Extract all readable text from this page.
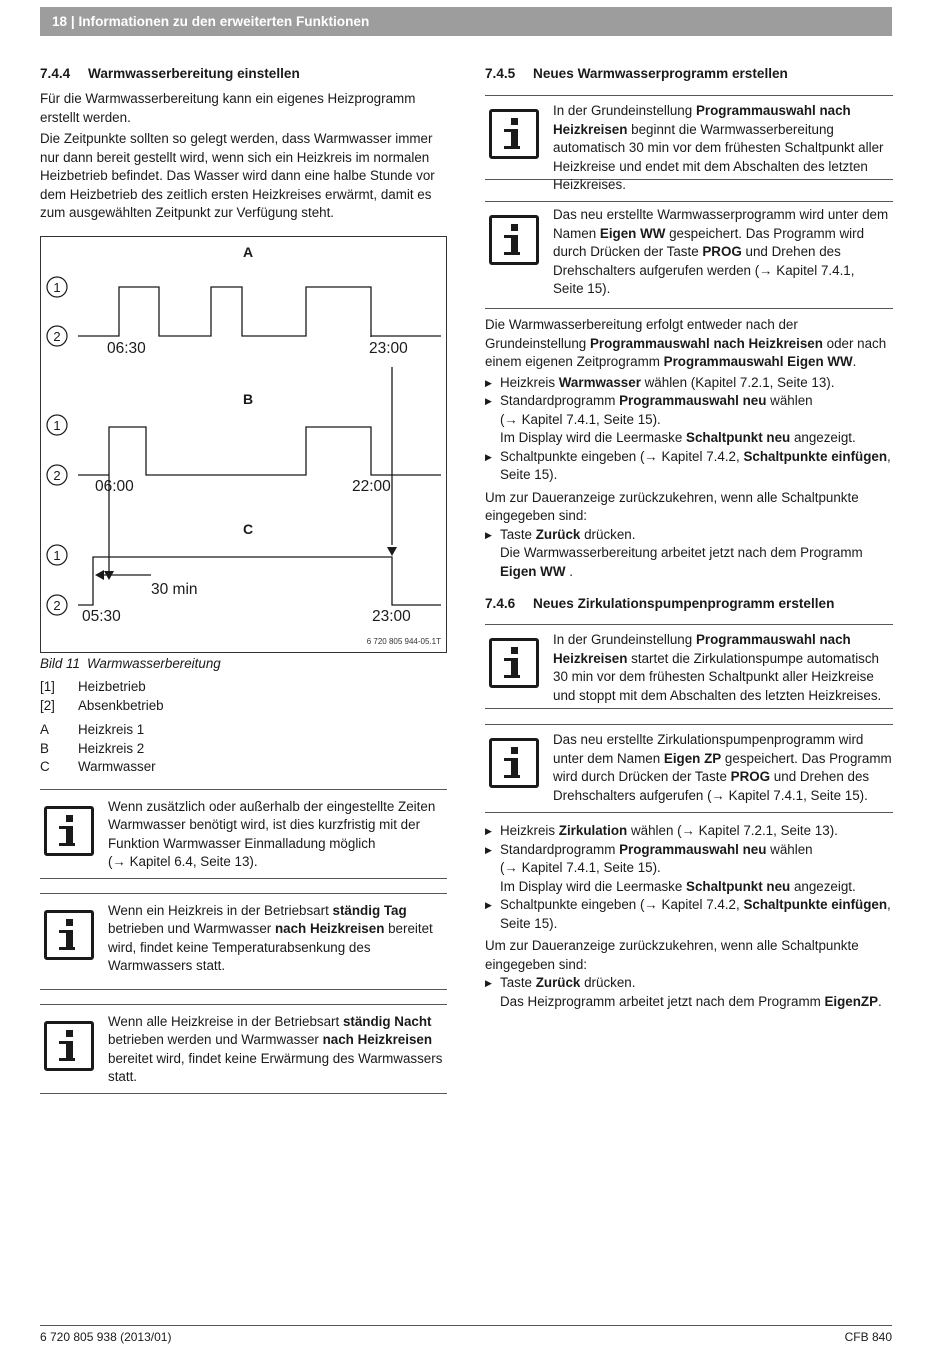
18 | Informationen zu den erweiterten Funktionen
7.4.4 Warmwasserbereitung einstellen

Für die Warmwasserbereitung kann ein eigenes Heizprogramm erstellt werden.

Die Zeitpunkte sollten so gelegt werden, dass Warmwasser immer nur dann bereit gestellt wird, wenn sich ein Heizkreis im normalen Heizbetrieb befindet. Das Wasser wird dann eine halbe Stunde vor dem Heizbetrieb des zeitlich ersten Heizkreises erwärmt, damit es zum ausgewählten Zeitpunkt zur Verfügung steht.

1
2
1
2
1
2
A
B
C
06:30	23:00
06:00	22:00
30 min
05:30	23:00
6 720 805 944-05.1T

Bild 11 Warmwasserbereitung

[1]	Heizbetrieb
[2]	Absenkbetrieb
A	Heizkreis 1
B	Heizkreis 2
C	Warmwasser
Wenn zusätzlich oder außerhalb der eingestellte Zeiten Warmwasser benötigt wird, ist dies kurzfristig mit der Funktion Warmwasser Einmalladung möglich
(→ Kapitel 6.4, Seite 13).
Wenn ein Heizkreis in der Betriebsart ständig Tag betrieben und Warmwasser nach Heizkreisen bereitet wird, findet keine Temperaturabsenkung des Warmwassers statt.
Wenn alle Heizkreise in der Betriebsart ständig Nacht betrieben werden und Warmwasser nach Heizkreisen bereitet wird, findet keine Erwärmung des Warmwassers statt.
7.4.5 Neues Warmwasserprogramm erstellen
In der Grundeinstellung Programmauswahl nach Heizkreisen beginnt die Warmwasserbereitung automatisch 30 min vor dem frühesten Schaltpunkt aller Heizkreise und endet mit dem Abschalten des letzten Heizkreises.
Das neu erstellte Warmwasserprogramm wird unter dem Namen Eigen WW gespeichert. Das Programm wird durch Drücken der Taste PROG und Drehen des Drehschalters aufgerufen werden (→ Kapitel 7.4.1,
Seite 15).

Die Warmwasserbereitung erfolgt entweder nach der Grundeinstellung Programmauswahl nach Heizkreisen oder nach einem eigenen Zeitprogramm Programmauswahl Eigen WW.

▶ Heizkreis Warmwasser wählen (Kapitel 7.2.1, Seite 13).
▶ Standardprogramm Programmauswahl neu wählen
(→ Kapitel 7.4.1, Seite 15).
Im Display wird die Leermaske Schaltpunkt neu angezeigt.
▶ Schaltpunkte eingeben (→ Kapitel 7.4.2, Schaltpunkte einfügen,
Seite 15).

Um zur Daueranzeige zurückzukehren, wenn alle Schaltpunkte eingegeben sind:

▶ Taste Zurück drücken.
Die Warmwasserbereitung arbeitet jetzt nach dem Programm
Eigen WW .
7.4.6 Neues Zirkulationspumpenprogramm erstellen
In der Grundeinstellung Programmauswahl nach Heizkreisen startet die Zirkulationspumpe automatisch 30 min vor dem frühesten Schaltpunkt aller Heizkreise und stoppt mit dem Abschalten des letzten Heizkreises.
Das neu erstellte Zirkulationspumpenprogramm wird unter dem Namen Eigen ZP gespeichert. Das Programm wird durch Drücken der Taste PROG und Drehen des Drehschalters aufgerufen (→ Kapitel 7.4.1, Seite 15).
▶ Heizkreis Zirkulation wählen (→ Kapitel 7.2.1, Seite 13).
▶ Standardprogramm Programmauswahl neu wählen
(→ Kapitel 7.4.1, Seite 15).
Im Display wird die Leermaske Schaltpunkt neu angezeigt.
▶ Schaltpunkte eingeben (→ Kapitel 7.4.2, Schaltpunkte einfügen,
Seite 15).

Um zur Daueranzeige zurückzukehren, wenn alle Schaltpunkte eingegeben sind:

▶ Taste Zurück drücken.
Das Heizprogramm arbeitet jetzt nach dem Programm EigenZP.
6 720 805 938 (2013/01)	CFB 840
